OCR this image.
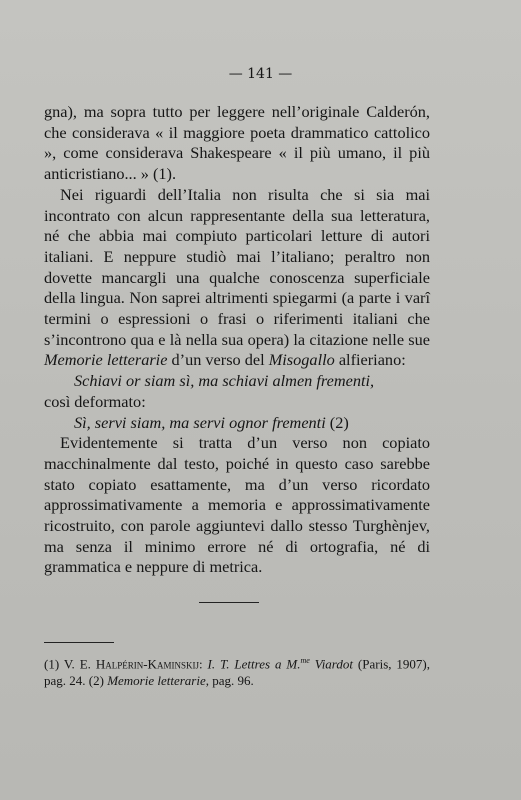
— 141 —

gna), ma sopra tutto per leggere nell’originale Calderón, che considerava « il maggiore poeta drammatico cattolico », come considerava Shakespeare « il più umano, il più anticristiano... » (1).

Nei riguardi dell’Italia non risulta che si sia mai incontrato con alcun rappresentante della sua letteratura, né che abbia mai compiuto particolari letture di autori italiani. E neppure studiò mai l’italiano; peraltro non dovette mancargli una qualche conoscenza superficiale della lingua. Non saprei altrimenti spiegarmi (a parte i varî termini o espressioni o frasi o riferimenti italiani che s’incontrono qua e là nella sua opera) la citazione nelle sue Memorie letterarie d’un verso del Misogallo alfieriano:

Schiavi or siam sì, ma schiavi almen frementi,

così deformato:

Sì, servi siam, ma servi ognor frementi (2)

Evidentemente si tratta d’un verso non copiato macchinalmente dal testo, poiché in questo caso sarebbe stato copiato esattamente, ma d’un verso ricordato approssimativamente a memoria e approssimativamente ricostruito, con parole aggiuntevi dallo stesso Turghènjev, ma senza il minimo errore né di ortografia, né di grammatica e neppure di metrica.

(1) V. E. Halpérin-Kaminskij: I. T. Lettres a M.$^{me}$ Viardot (Paris, 1907), pag. 24. (2) Memorie letterarie, pag. 96.
